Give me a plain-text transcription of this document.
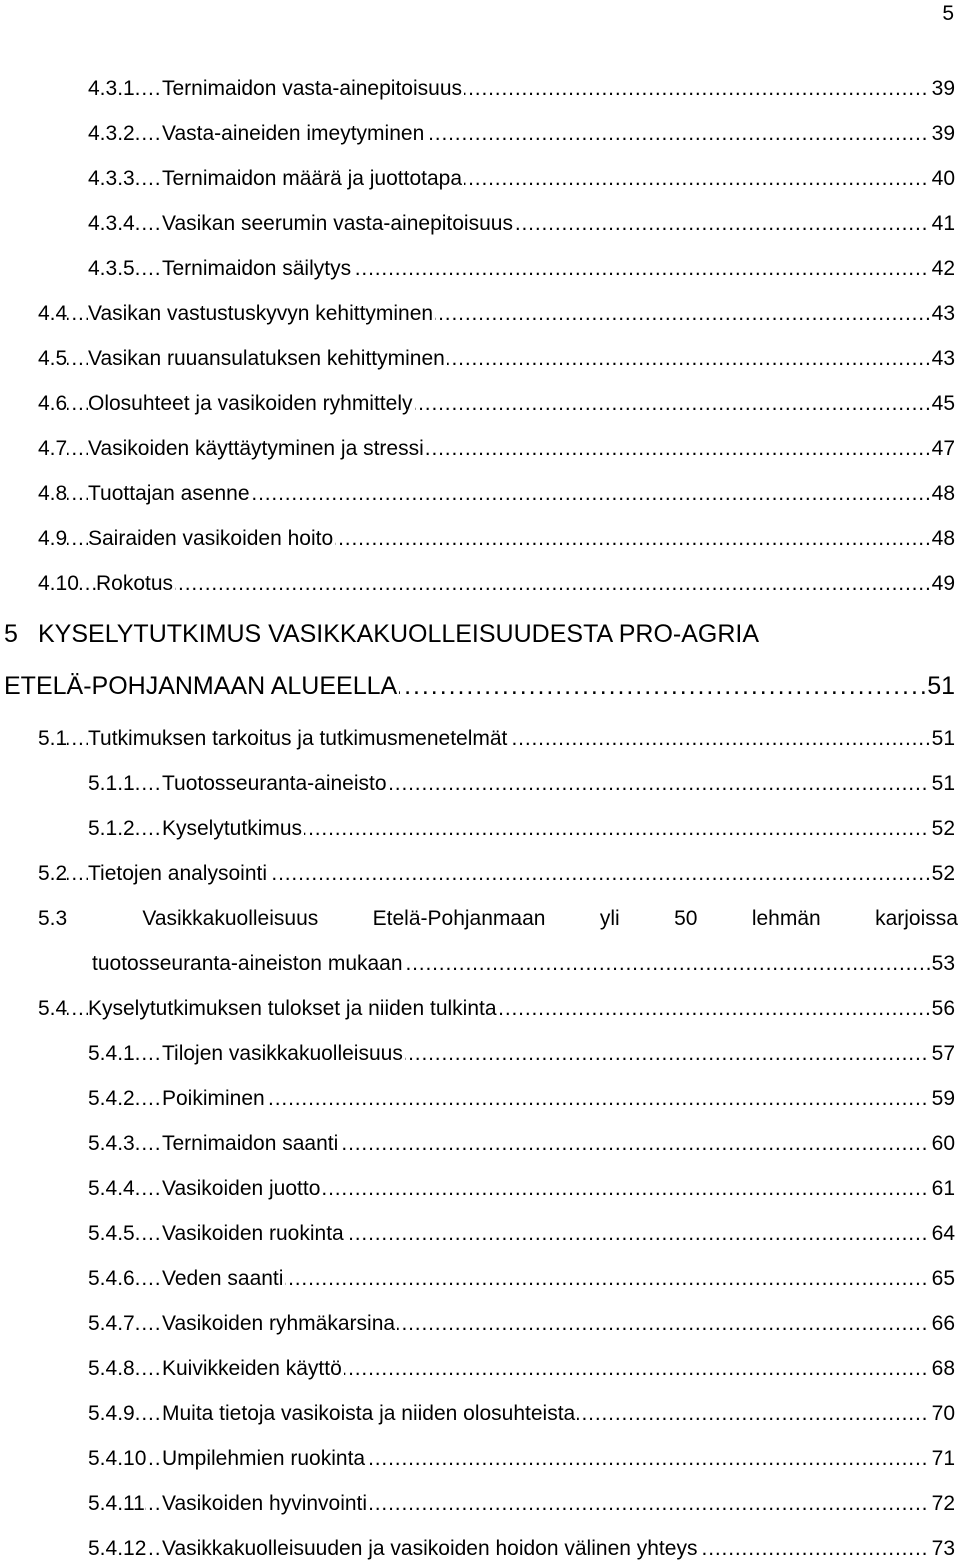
5
. . . 4.3.1 Ternimaidon vasta-ainepitoisuus	39
. . . 4.3.2 Vasta-aineiden imeytyminen	39
. . . 4.3.3 Ternimaidon määrä ja juottotapa	40
. . . 4.3.4 Vasikan seerumin vasta-ainepitoisuus	41
. . . 4.3.5 Ternimaidon säilytys	42
. . . 4.4 Vasikan vastustuskyvyn kehittyminen	43
. . . 4.5 Vasikan ruuansulatuksen kehittyminen	43
. . . 4.6 Olosuhteet ja vasikoiden ryhmittely	45
. . . 4.7 Vasikoiden käyttäytyminen ja stressi	47
. . . 4.8 Tuottajan asenne	48
. . . 4.9 Sairaiden vasikoiden hoito	48
. . . 4.10 Rokotus	49
5 KYSELYTUTKIMUS VASIKKAKUOLLEISUUDESTA PRO-AGRIA
. . . ETELÄ-POHJANMAAN ALUEELLA	51
. . . 5.1 Tutkimuksen tarkoitus ja tutkimusmenetelmät	51
. . . 5.1.1 Tuotosseuranta-aineisto	51
. . . 5.1.2 Kyselytutkimus	52
. . . 5.2 Tietojen analysointi	52
5.3	Vasikkakuolleisuus	Etelä-Pohjanmaan	yli	50	lehmän	karjoissa
. . . tuotosseuranta-aineiston mukaan	53
. . . 5.4 Kyselytutkimuksen tulokset ja niiden tulkinta	56
. . . 5.4.1 Tilojen vasikkakuolleisuus	57
. . . 5.4.2 Poikiminen	59
. . . 5.4.3 Ternimaidon saanti	60
. . . 5.4.4 Vasikoiden juotto	61
. . . 5.4.5 Vasikoiden ruokinta	64
. . . 5.4.6 Veden saanti	65
. . . 5.4.7 Vasikoiden ryhmäkarsina	66
. . . 5.4.8 Kuivikkeiden käyttö	68
. . . 5.4.9 Muita tietoja vasikoista ja niiden olosuhteista	70
. . . 5.4.10 Umpilehmien ruokinta	71
. . . 5.4.11 Vasikoiden hyvinvointi	72
. . . 5.4.12 Vasikkakuolleisuuden ja vasikoiden hoidon välinen yhteys	73
